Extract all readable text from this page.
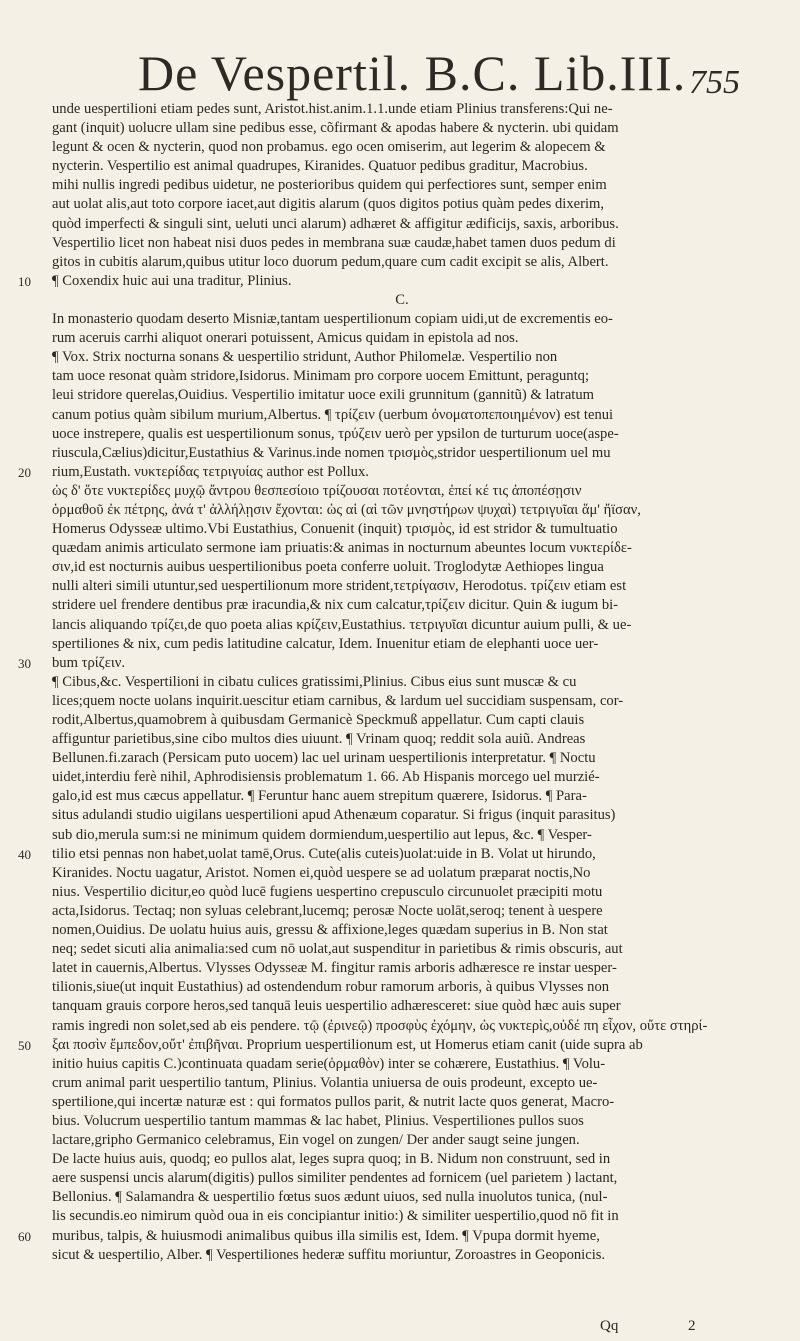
De Vespertil. B.C. Lib.III. 755
unde uespertilioni etiam pedes sunt, Aristot.hist.anim.1.1.unde etiam Plinius transferens:Qui ne-
gant (inquit) uolucre ullam sine pedibus esse, cõfirmant & apodas habere & nycterin. ubi quidam
legunt & ocen & nycterin, quod non probamus. ego ocen omiserim, aut legerim & alopecem &
nycterin. Vespertilio est animal quadrupes, Kiranides. Quatuor pedibus graditur, Macrobius.
mihi nullis ingredi pedibus uidetur, ne posterioribus quidem qui perfectiores sunt, semper enim
aut uolat alis,aut toto corpore iacet,aut digitis alarum (quos digitos potius quàm pedes dixerim,
quòd imperfecti & singuli sint, ueluti unci alarum) adhæret & affigitur ædificijs, saxis, arboribus.
Vespertilio licet non habeat nisi duos pedes in membrana suæ caudæ,habet tamen duos pedum di
gitos in cubitis alarum,quibus utitur loco duorum pedum,quare cum cadit excipit se alis, Albert.
¶ Coxendix huic aui una traditur, Plinius.
10
C.
In monasterio quodam deserto Misniæ,tantam uespertilionum copiam uidi,ut de excrementis eo-
rum aceruis carrhi aliquot onerari potuissent, Amicus quidam in epistola ad nos.
¶ Vox. Strix nocturna sonans & uespertilio stridunt, Author Philomelæ. Vespertilio non
tam uoce resonat quàm stridore,Isidorus. Minimam pro corpore uocem Emittunt, peraguntq;
leui stridore querelas,Ouidius. Vespertilio imitatur uoce exili grunnitum (gannitũ) & latratum
canum potius quàm sibilum murium,Albertus. ¶ τρίζειν (uerbum ὀνοματοπεποιημένον) est tenui
uoce instrepere, qualis est uespertilionum sonus, τρύζειν uerò per ypsilon de turturum uoce(aspe-
riuscula,Cælius)dicitur,Eustathius & Varinus.inde nomen τρισμὸς,stridor uespertilionum uel mu
rium,Eustath. νυκτερίδας τετριγυίας author est Pollux.
20
ὡς δ' ὅτε νυκτερίδες μυχῷ ἄντρου θεσπεσίοιο τρίζουσαι ποτέονται, ἐπεί κέ τις ἀποπέσῃσιν
ὁρμαθοῦ ἐκ πέτρης, ἀνά τ' ἀλλήλῃσιν ἔχονται: ὡς αἱ (αἱ τῶν μνηστήρων ψυχαὶ) τετριγυῖαι ἅμ' ἤϊσαν,
Homerus Odysseæ ultimo.Vbi Eustathius, Conuenit (inquit) τρισμὸς, id est stridor & tumultuatio
quædam animis articulato sermone iam priuatis:& animas in nocturnum abeuntes locum νυκτερίδε-
σιν,id est nocturnis auibus uespertilionibus poeta conferre uoluit. Troglodytæ Aethiopes lingua
nulli alteri simili utuntur,sed uespertilionum more strident,τετρίγασιν, Herodotus. τρίζειν etiam est
stridere uel frendere dentibus præ iracundia,& nix cum calcatur,τρίζειν dicitur. Quin & iugum bi-
lancis aliquando τρίζει,de quo poeta alias κρίζειν,Eustathius. τετριγυῖαι dicuntur auium pulli, & ue-
spertiliones & nix, cum pedis latitudine calcatur, Idem. Inuenitur etiam de elephanti uoce uer-
bum τρίζειν.
30
¶ Cibus,&c. Vespertilioni in cibatu culices gratissimi,Plinius. Cibus eius sunt muscæ & cu
lices;quem nocte uolans inquirit.uescitur etiam carnibus, & lardum uel succidiam suspensam, cor-
rodit,Albertus,quamobrem à quibusdam Germanicè Speckmuß appellatur. Cum capti clauis
affiguntur parietibus,sine cibo multos dies uiuunt. ¶ Vrinam quoq; reddit sola auiũ. Andreas
Bellunen.fi.zarach (Persicam puto uocem) lac uel urinam uespertilionis interpretatur. ¶ Noctu
uidet,interdiu ferè nihil, Aphrodisiensis problematum 1. 66. Ab Hispanis morcego uel murzié-
galo,id est mus cæcus appellatur. ¶ Feruntur hanc auem strepitum quærere, Isidorus. ¶ Para-
situs adulandi studio uigilans uespertilioni apud Athenæum coparatur. Si frigus (inquit parasitus)
sub dio,merula sum:si ne minimum quidem dormiendum,uespertilio aut lepus, &c. ¶ Vesper-
tilio etsi pennas non habet,uolat tamē,Orus. Cute(alis cuteis)uolat:uide in B. Volat ut hirundo,
40
Kiranides. Noctu uagatur, Aristot. Nomen ei,quòd uespere se ad uolatum præparat noctis,No
nius. Vespertilio dicitur,eo quòd lucē fugiens uespertino crepusculo circunuolet præcipiti motu
acta,Isidorus. Tectaq; non syluas celebrant,lucemq; perosæ Nocte uolāt,seroq; tenent à uespere
nomen,Ouidius. De uolatu huius auis, gressu & affixione,leges quædam superius in B. Non stat
neq; sedet sicuti alia animalia:sed cum nō uolat,aut suspenditur in parietibus & rimis obscuris, aut
latet in cauernis,Albertus. Vlysses Odysseæ M. fingitur ramis arboris adhæresce re instar uesper-
tilionis,siue(ut inquit Eustathius) ad ostendendum robur ramorum arboris, à quibus Vlysses non
tanquam grauis corpore heros,sed tanquā leuis uespertilio adhæresceret: siue quòd hæc auis super
ramis ingredi non solet,sed ab eis pendere. τῷ (ἐρινεῷ) προσφὺς ἐχόμην, ὡς νυκτερὶς,οὐδέ πη εἶχον, οὔτε στηρί-
ξαι ποσὶν ἔμπεδον,οὔτ' ἐπιβῆναι. Proprium uespertilionum est, ut Homerus etiam canit (uide supra ab
50
initio huius capitis C.)continuata quadam serie(ὁρμαθὸν) inter se cohærere, Eustathius. ¶ Volu-
crum animal parit uespertilio tantum, Plinius. Volantia uniuersa de ouis prodeunt, excepto ue-
spertilione,qui incertæ naturæ est : qui formatos pullos parit, & nutrit lacte quos generat, Macro-
bius. Volucrum uespertilio tantum mammas & lac habet, Plinius. Vespertiliones pullos suos
lactare,gripho Germanico celebramus, Ein vogel on zungen/ Der ander saugt seine jungen.
De lacte huius auis, quodq; eo pullos alat, leges supra quoq; in B. Nidum non construunt, sed in
aere suspensi uncis alarum(digitis) pullos similiter pendentes ad fornicem (uel parietem ) lactant,
Bellonius. ¶ Salamandra & uespertilio fœtus suos ædunt uiuos, sed nulla inuolutos tunica, (nul-
lis secundis.eo nimirum quòd oua in eis concipiantur initio:) & similiter uespertilio,quod nō fit in
muribus, talpis, & huiusmodi animalibus quibus illa similis est, Idem. ¶ Vpupa dormit hyeme,
60
sicut & uespertilio, Alber. ¶ Vespertiliones hederæ suffitu moriuntur, Zoroastres in Geoponicis.
Qq	2
